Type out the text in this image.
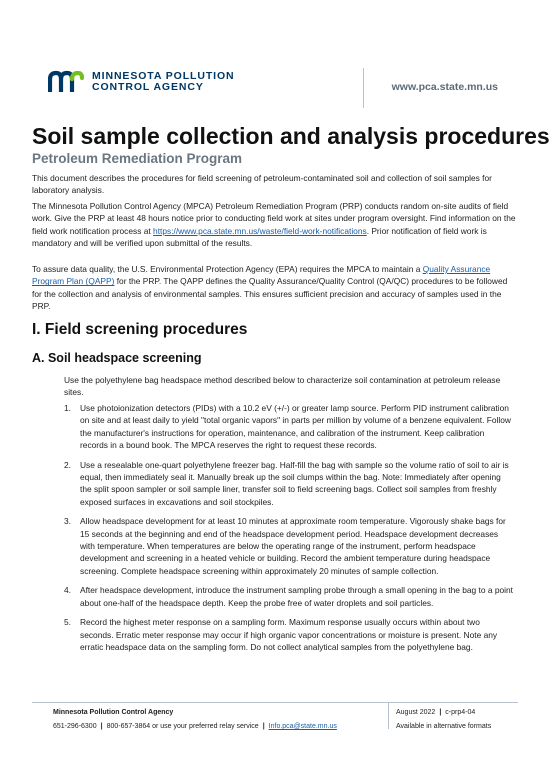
MINNESOTA POLLUTION
CONTROL AGENCY	www.pca.state.mn.us
Soil sample collection and analysis procedures
Petroleum Remediation Program

This document describes the procedures for field screening of petroleum-contaminated soil and collection of soil samples for laboratory analysis.

The Minnesota Pollution Control Agency (MPCA) Petroleum Remediation Program (PRP) conducts random on-site audits of field work. Give the PRP at least 48 hours notice prior to conducting field work at sites under program oversight. Find information on the field work notification process at https://www.pca.state.mn.us/waste/field-work-notifications. Prior notification of field work is mandatory and will be verified upon submittal of the results.

To assure data quality, the U.S. Environmental Protection Agency (EPA) requires the MPCA to maintain a Quality Assurance Program Plan (QAPP) for the PRP. The QAPP defines the Quality Assurance/Quality Control (QA/QC) procedures to be followed for the collection and analysis of environmental samples. This ensures sufficient precision and accuracy of samples used in the PRP.

I. Field screening procedures
A. Soil headspace screening

Use the polyethylene bag headspace method described below to characterize soil contamination at petroleum release sites.

1.	Use photoionization detectors (PIDs) with a 10.2 eV (+/-) or greater lamp source. Perform PID instrument calibration on site and at least daily to yield "total organic vapors" in parts per million by volume of a benzene equivalent. Follow the manufacturer's instructions for operation, maintenance, and calibration of the instrument. Keep calibration records in a bound book. The MPCA reserves the right to request these records.
2.	Use a resealable one-quart polyethylene freezer bag. Half-fill the bag with sample so the volume ratio of soil to air is equal, then immediately seal it. Manually break up the soil clumps within the bag. Note: Immediately after opening the split spoon sampler or soil sample liner, transfer soil to field screening bags. Collect soil samples from freshly exposed surfaces in excavations and soil stockpiles.
3.	Allow headspace development for at least 10 minutes at approximate room temperature. Vigorously shake bags for 15 seconds at the beginning and end of the headspace development period. Headspace development decreases with temperature. When temperatures are below the operating range of the instrument, perform headspace development and screening in a heated vehicle or building. Record the ambient temperature during headspace screening. Complete headspace screening within approximately 20 minutes of sample collection.
4.	After headspace development, introduce the instrument sampling probe through a small opening in the bag to a point about one-half of the headspace depth. Keep the probe free of water droplets and soil particles.
5.	Record the highest meter response on a sampling form. Maximum response usually occurs within about two seconds. Erratic meter response may occur if high organic vapor concentrations or moisture is present. Note any erratic headspace data on the sampling form. Do not collect analytical samples from the polyethylene bag.
Minnesota Pollution Control Agency
651-296-6300 | 800-657-3864 or use your preferred relay service | Info.pca@state.mn.us
August 2022 | c-prp4-04
Available in alternative formats
